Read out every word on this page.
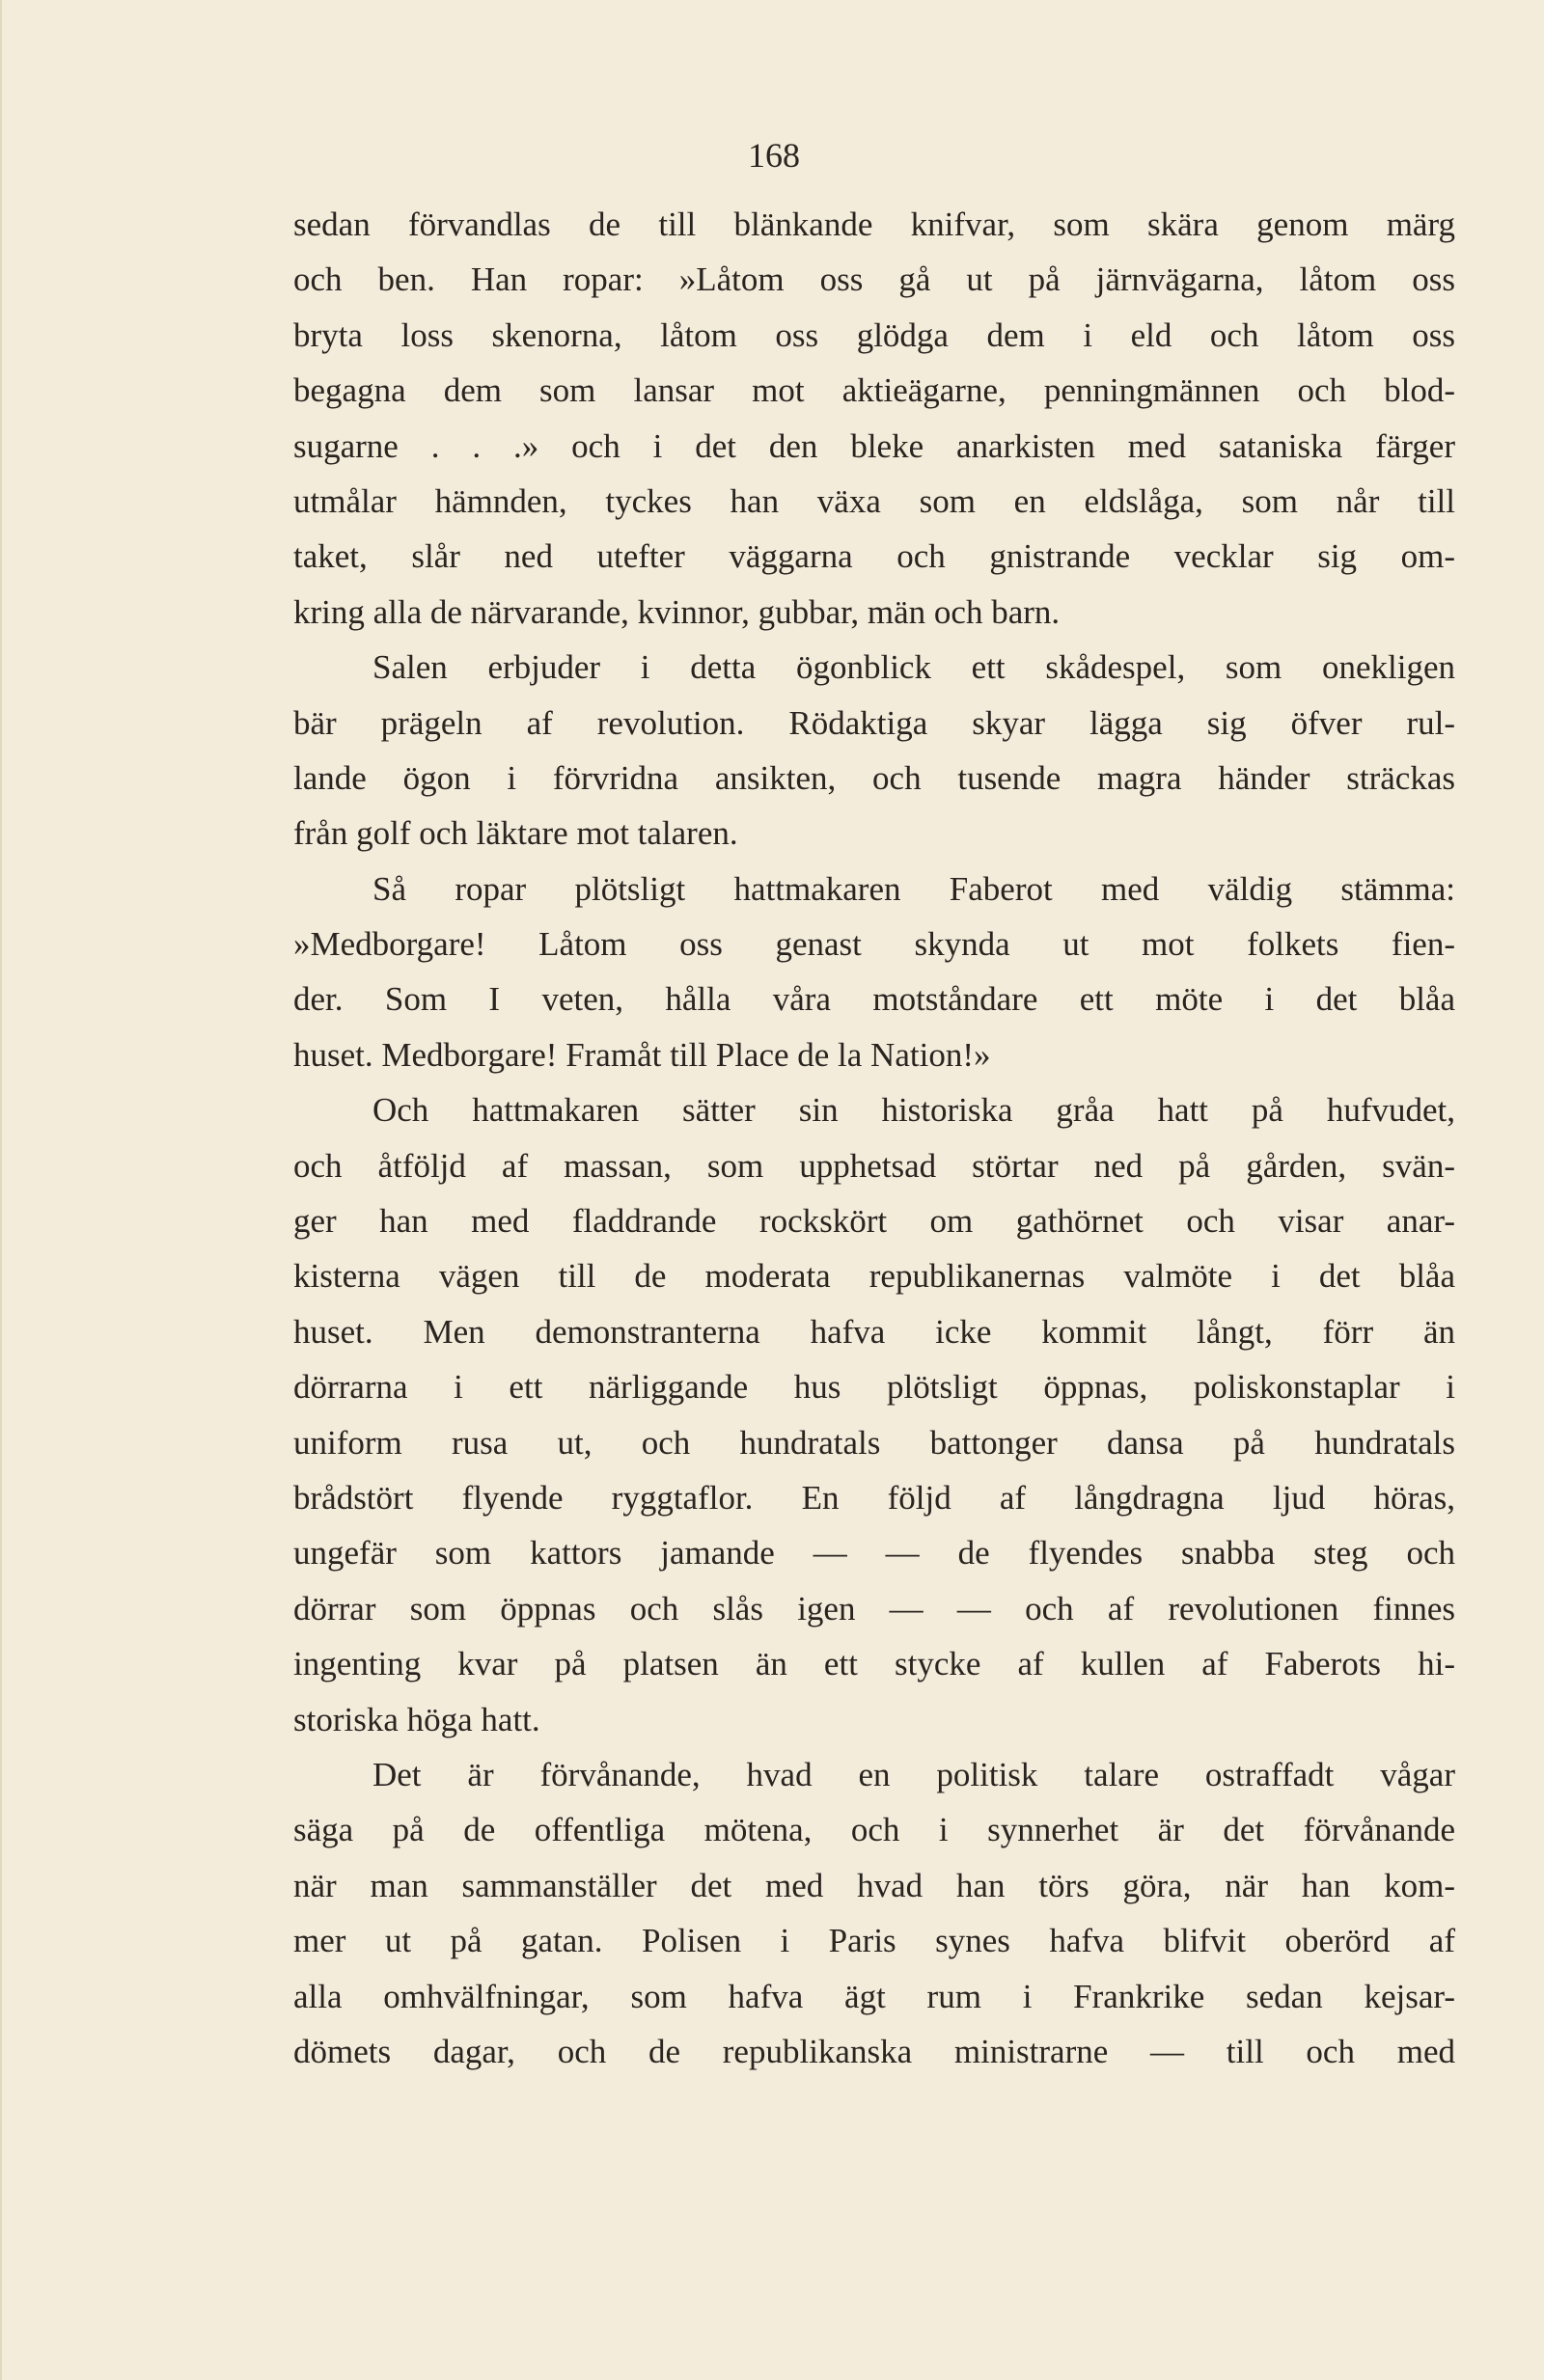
168
sedan förvandlas de till blänkande knifvar, som skära genom märg
och ben. Han ropar: »Låtom oss gå ut på järnvägarna, låtom oss
bryta loss skenorna, låtom oss glödga dem i eld och låtom oss
begagna dem som lansar mot aktieägarne, penningmännen och blod-
sugarne . . .» och i det den bleke anarkisten med sataniska färger
utmålar hämnden, tyckes han växa som en eldslåga, som når till
taket, slår ned utefter väggarna och gnistrande vecklar sig om-
kring alla de närvarande, kvinnor, gubbar, män och barn.
Salen erbjuder i detta ögonblick ett skådespel, som onekligen
bär prägeln af revolution. Rödaktiga skyar lägga sig öfver rul-
lande ögon i förvridna ansikten, och tusende magra händer sträckas
från golf och läktare mot talaren.
Så ropar plötsligt hattmakaren Faberot med väldig stämma:
»Medborgare! Låtom oss genast skynda ut mot folkets fien-
der. Som I veten, hålla våra motståndare ett möte i det blåa
huset. Medborgare! Framåt till Place de la Nation!»
Och hattmakaren sätter sin historiska gråa hatt på hufvudet,
och åtföljd af massan, som upphetsad störtar ned på gården, svän-
ger han med fladdrande rockskört om gathörnet och visar anar-
kisterna vägen till de moderata republikanernas valmöte i det blåa
huset. Men demonstranterna hafva icke kommit långt, förr än
dörrarna i ett närliggande hus plötsligt öppnas, poliskonstaplar i
uniform rusa ut, och hundratals battonger dansa på hundratals
brådstört flyende ryggtaflor. En följd af långdragna ljud höras,
ungefär som kattors jamande — — de flyendes snabba steg och
dörrar som öppnas och slås igen — — och af revolutionen finnes
ingenting kvar på platsen än ett stycke af kullen af Faberots hi-
storiska höga hatt.
Det är förvånande, hvad en politisk talare ostraffadt vågar
säga på de offentliga mötena, och i synnerhet är det förvånande
när man sammanställer det med hvad han törs göra, när han kom-
mer ut på gatan. Polisen i Paris synes hafva blifvit oberörd af
alla omhvälfningar, som hafva ägt rum i Frankrike sedan kejsar-
dömets dagar, och de republikanska ministrarne — till och med
